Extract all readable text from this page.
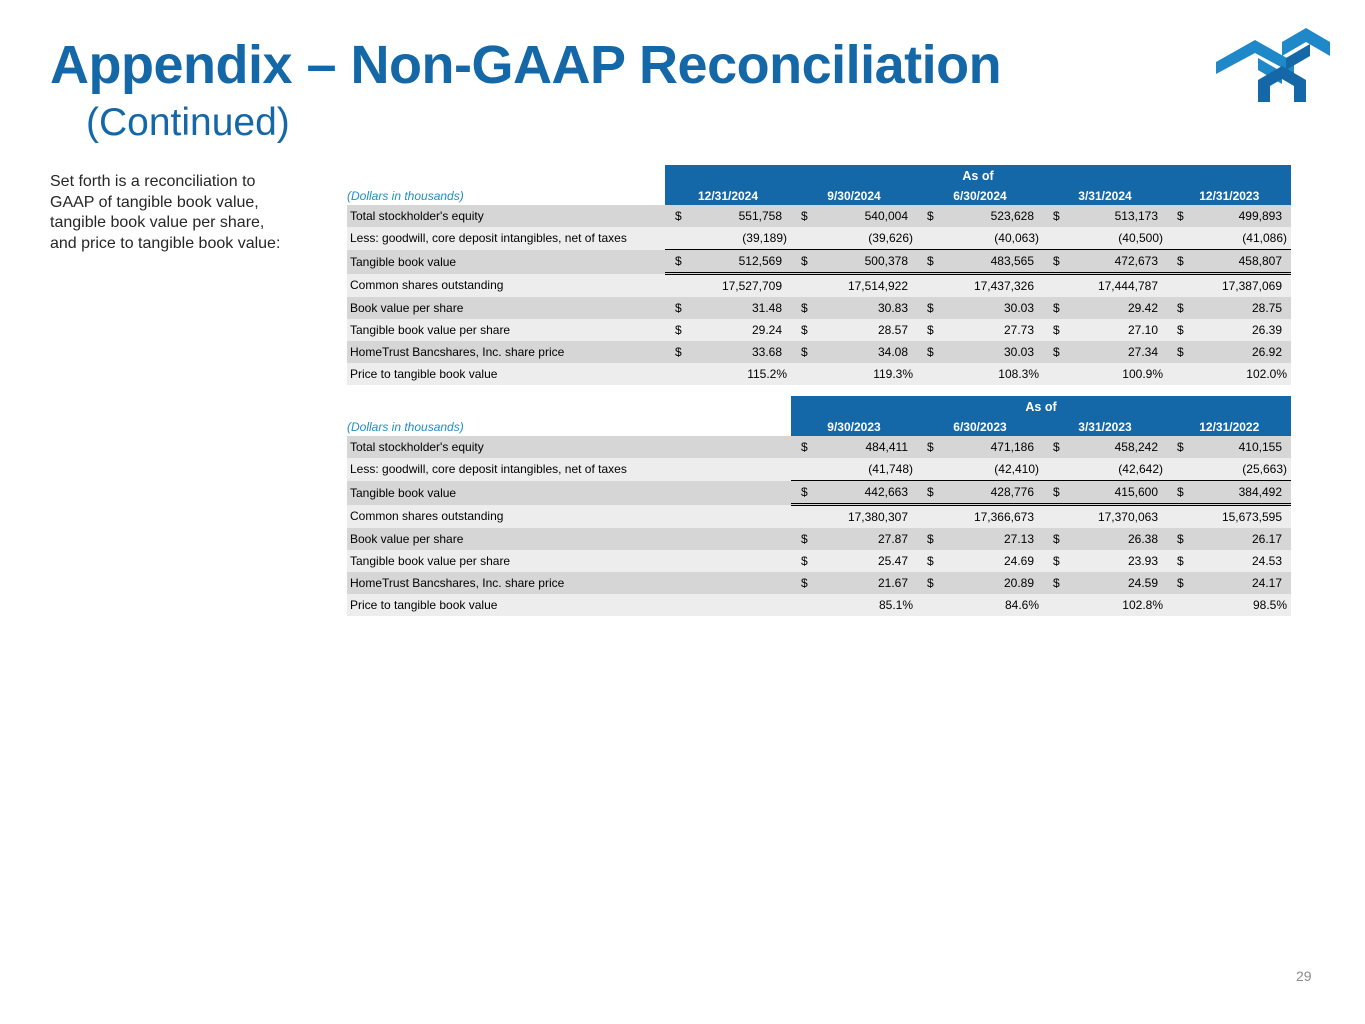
Appendix – Non-GAAP Reconciliation
(Continued)
Set forth is a reconciliation to GAAP of tangible book value, tangible book value per share, and price to tangible book value:
	As of									
(Dollars in thousands)	12/31/2024		9/30/2024		6/30/2024		3/31/2024		12/31/2023	
Total stockholder's equity	$	551,758	$	540,004	$	523,628	$	513,173	$	499,893
Less: goodwill, core deposit intangibles, net of taxes		(39,189)		(39,626)		(40,063)		(40,500)		(41,086)
Tangible book value	$	512,569	$	500,378	$	483,565	$	472,673	$	458,807
Common shares outstanding		17,527,709		17,514,922		17,437,326		17,444,787		17,387,069
Book value per share	$	31.48	$	30.83	$	30.03	$	29.42	$	28.75
Tangible book value per share	$	29.24	$	28.57	$	27.73	$	27.10	$	26.39
HomeTrust Bancshares, Inc. share price	$	33.68	$	34.08	$	30.03	$	27.34	$	26.92
Price to tangible book value		115.2%		119.3%		108.3%		100.9%		102.0%
	As of							
(Dollars in thousands)	9/30/2023		6/30/2023		3/31/2023		12/31/2022	
Total stockholder's equity	$	484,411	$	471,186	$	458,242	$	410,155
Less: goodwill, core deposit intangibles, net of taxes		(41,748)		(42,410)		(42,642)		(25,663)
Tangible book value	$	442,663	$	428,776	$	415,600	$	384,492
Common shares outstanding		17,380,307		17,366,673		17,370,063		15,673,595
Book value per share	$	27.87	$	27.13	$	26.38	$	26.17
Tangible book value per share	$	25.47	$	24.69	$	23.93	$	24.53
HomeTrust Bancshares, Inc. share price	$	21.67	$	20.89	$	24.59	$	24.17
Price to tangible book value		85.1%		84.6%		102.8%		98.5%
29
